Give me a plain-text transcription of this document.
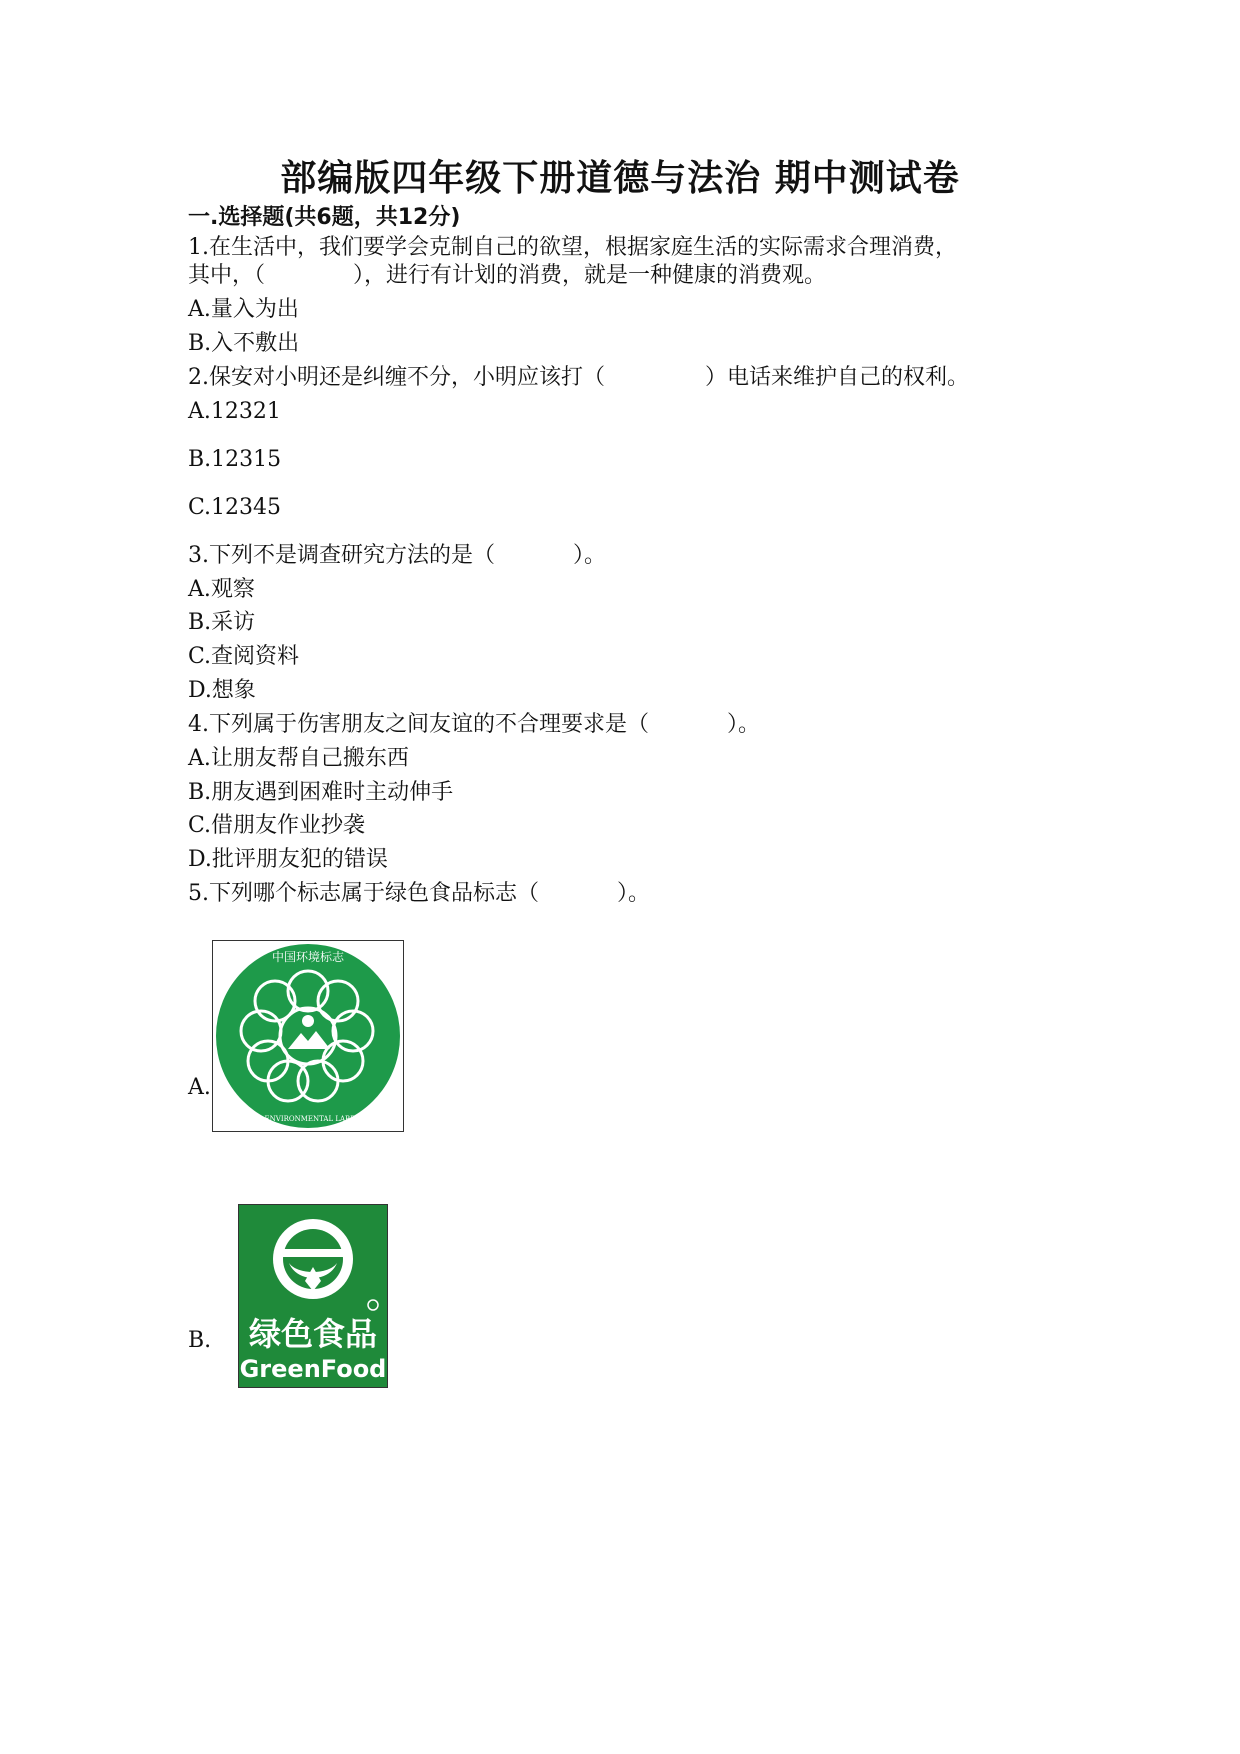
部编版四年级下册道德与法治 期中测试卷
一.选择题(共6题，共12分)
1.在生活中，我们要学会克制自己的欲望，根据家庭生活的实际需求合理消费，
其中，（	），进行有计划的消费，就是一种健康的消费观。
A.量入为出
B.入不敷出
2.保安对小明还是纠缠不分，小明应该打（	）电话来维护自己的权利。
A.12321
B.12315
C.12345
3.下列不是调查研究方法的是（	）。
A.观察
B.采访
C.查阅资料
D.想象
4.下列属于伤害朋友之间友谊的不合理要求是（	）。
A.让朋友帮自己搬东西
B.朋友遇到困难时主动伸手
C.借朋友作业抄袭
D.批评朋友犯的错误
5.下列哪个标志属于绿色食品标志（	）。
A.
中国环境标志
CHINA ENVIRONMENTAL LABELLING
B. 绿色食品
GreenFood
